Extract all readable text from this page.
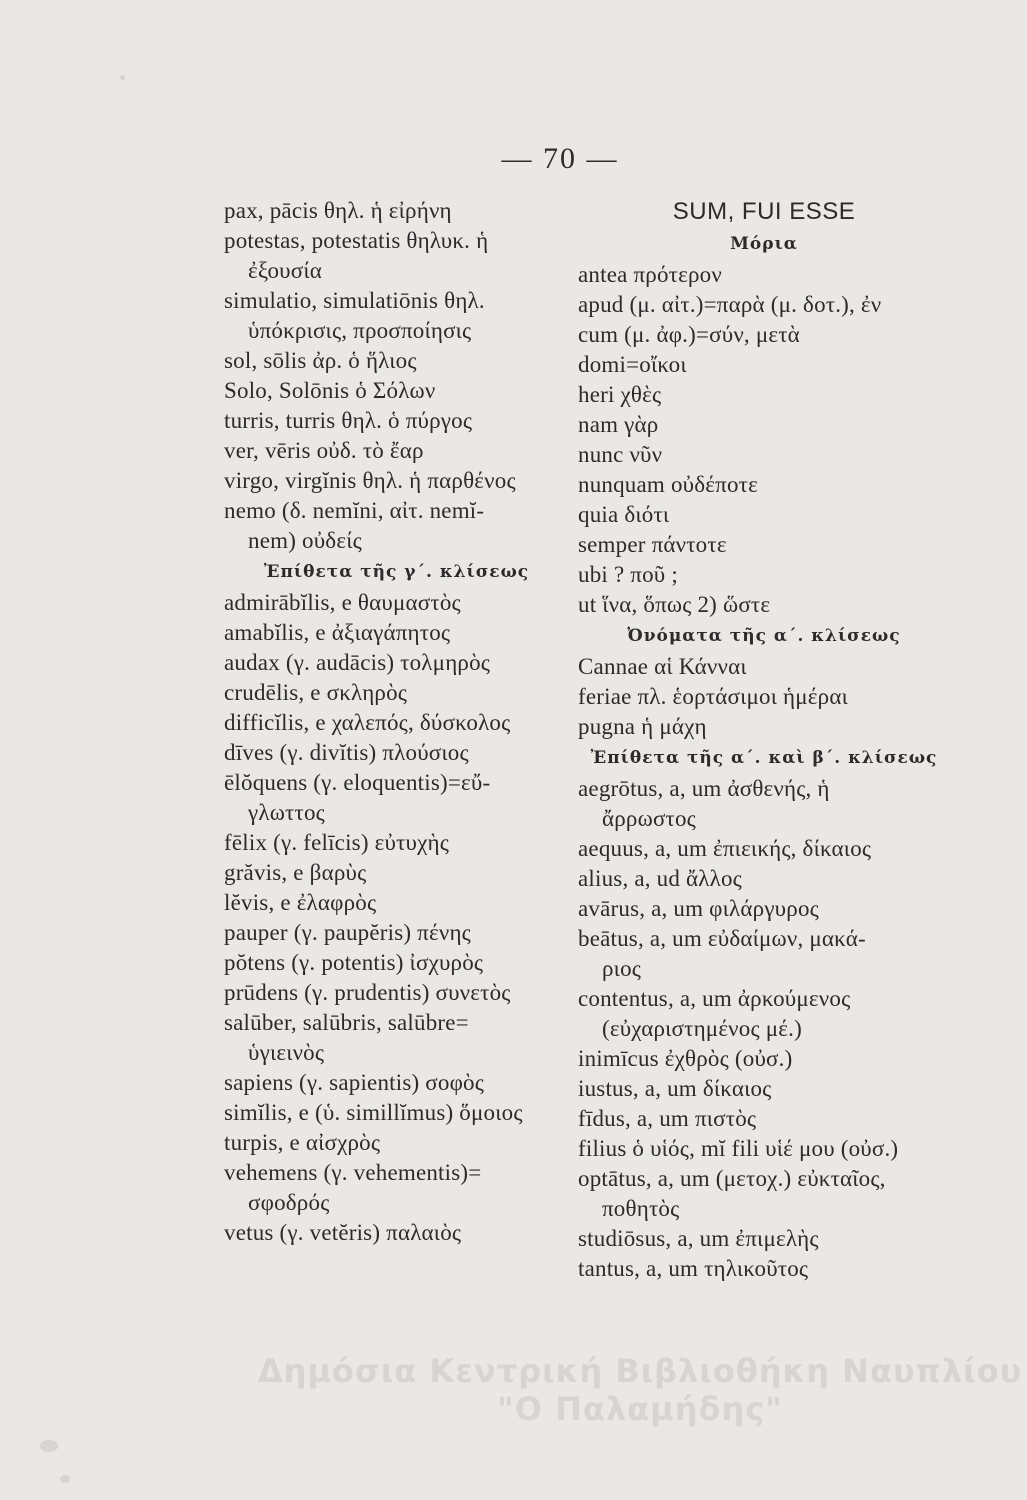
— 70 —
pax, pācis θηλ. ἡ εἰρήνη
potestas, potestatis θηλυκ. ἡ
ἐξουσία
simulatio, simulatiōnis θηλ.
ὑπόκρισις, προσποίησις
sol, sōlis ἀρ. ὁ ἥλιος
Solo, Solōnis ὁ Σόλων
turris, turris θηλ. ὁ πύργος
ver, vēris οὐδ. τὸ ἔαρ
virgo, virgĭnis θηλ. ἡ παρθένος
nemo (δ. nemĭni, αἰτ. nemĭ-
nem) οὐδείς
Ἐπίθετα τῆς γ΄. κλίσεως
admirābĭlis, e θαυμαστὸς
amabĭlis, e ἀξιαγάπητος
audax (γ. audācis) τολμηρὸς
crudēlis, e σκληρὸς
difficĭlis, e χαλεπός, δύσκολος
dīves (γ. divĭtis) πλούσιος
ēlŏquens (γ. eloquentis)=εὔ-
γλωττος
fēlix (γ. felīcis) εὐτυχὴς
grăvis, e βαρὺς
lĕvis, e ἐλαφρὸς
pauper (γ. paupĕris) πένης
pŏtens (γ. potentis) ἰσχυρὸς
prūdens (γ. prudentis) συνετὸς
salūber, salūbris, salūbre=
ὑγιεινὸς
sapiens (γ. sapientis) σοφὸς
simĭlis, e (ὑ. simillĭmus) ὅμοιος
turpis, e αἰσχρὸς
vehemens (γ. vehementis)=
σφοδρός
vetus (γ. vetĕris) παλαιὸς
SUM, FUI ESSE
Μόρια
antea πρότερον
apud (μ. αἰτ.)=παρὰ (μ. δοτ.), ἐν
cum (μ. ἀφ.)=σύν, μετὰ
domi=οἴκοι
heri χθὲς
nam γὰρ
nunc νῦν
nunquam οὐδέποτε
quia διότι
semper πάντοτε
ubi ? ποῦ ;
ut ἵνα, ὅπως 2) ὥστε
Ὀνόματα τῆς α΄. κλίσεως
Cannae αἱ Κάνναι
feriae πλ. ἑορτάσιμοι ἡμέραι
pugna ἡ μάχη
Ἐπίθετα τῆς α΄. καὶ β΄. κλίσεως
aegrōtus, a, um ἀσθενής, ἡ
ἄρρωστος
aequus, a, um ἐπιεικής, δίκαιος
alius, a, ud ἄλλος
avārus, a, um φιλάργυρος
beātus, a, um εὐδαίμων, μακά-
ριος
contentus, a, um ἀρκούμενος
(εὐχαριστημένος μέ.)
inimīcus ἐχθρὸς (οὐσ.)
iustus, a, um δίκαιος
fīdus, a, um πιστὸς
filius ὁ υἱός, mĭ fili υἱέ μου (οὐσ.)
optātus, a, um (μετοχ.) εὐκταῖος,
ποθητὸς
studiōsus, a, um ἐπιμελὴς
tantus, a, um τηλικοῦτος
Δημόσια Κεντρική Βιβλιοθήκη Ναυπλίου
"Ο Παλαμήδης"
